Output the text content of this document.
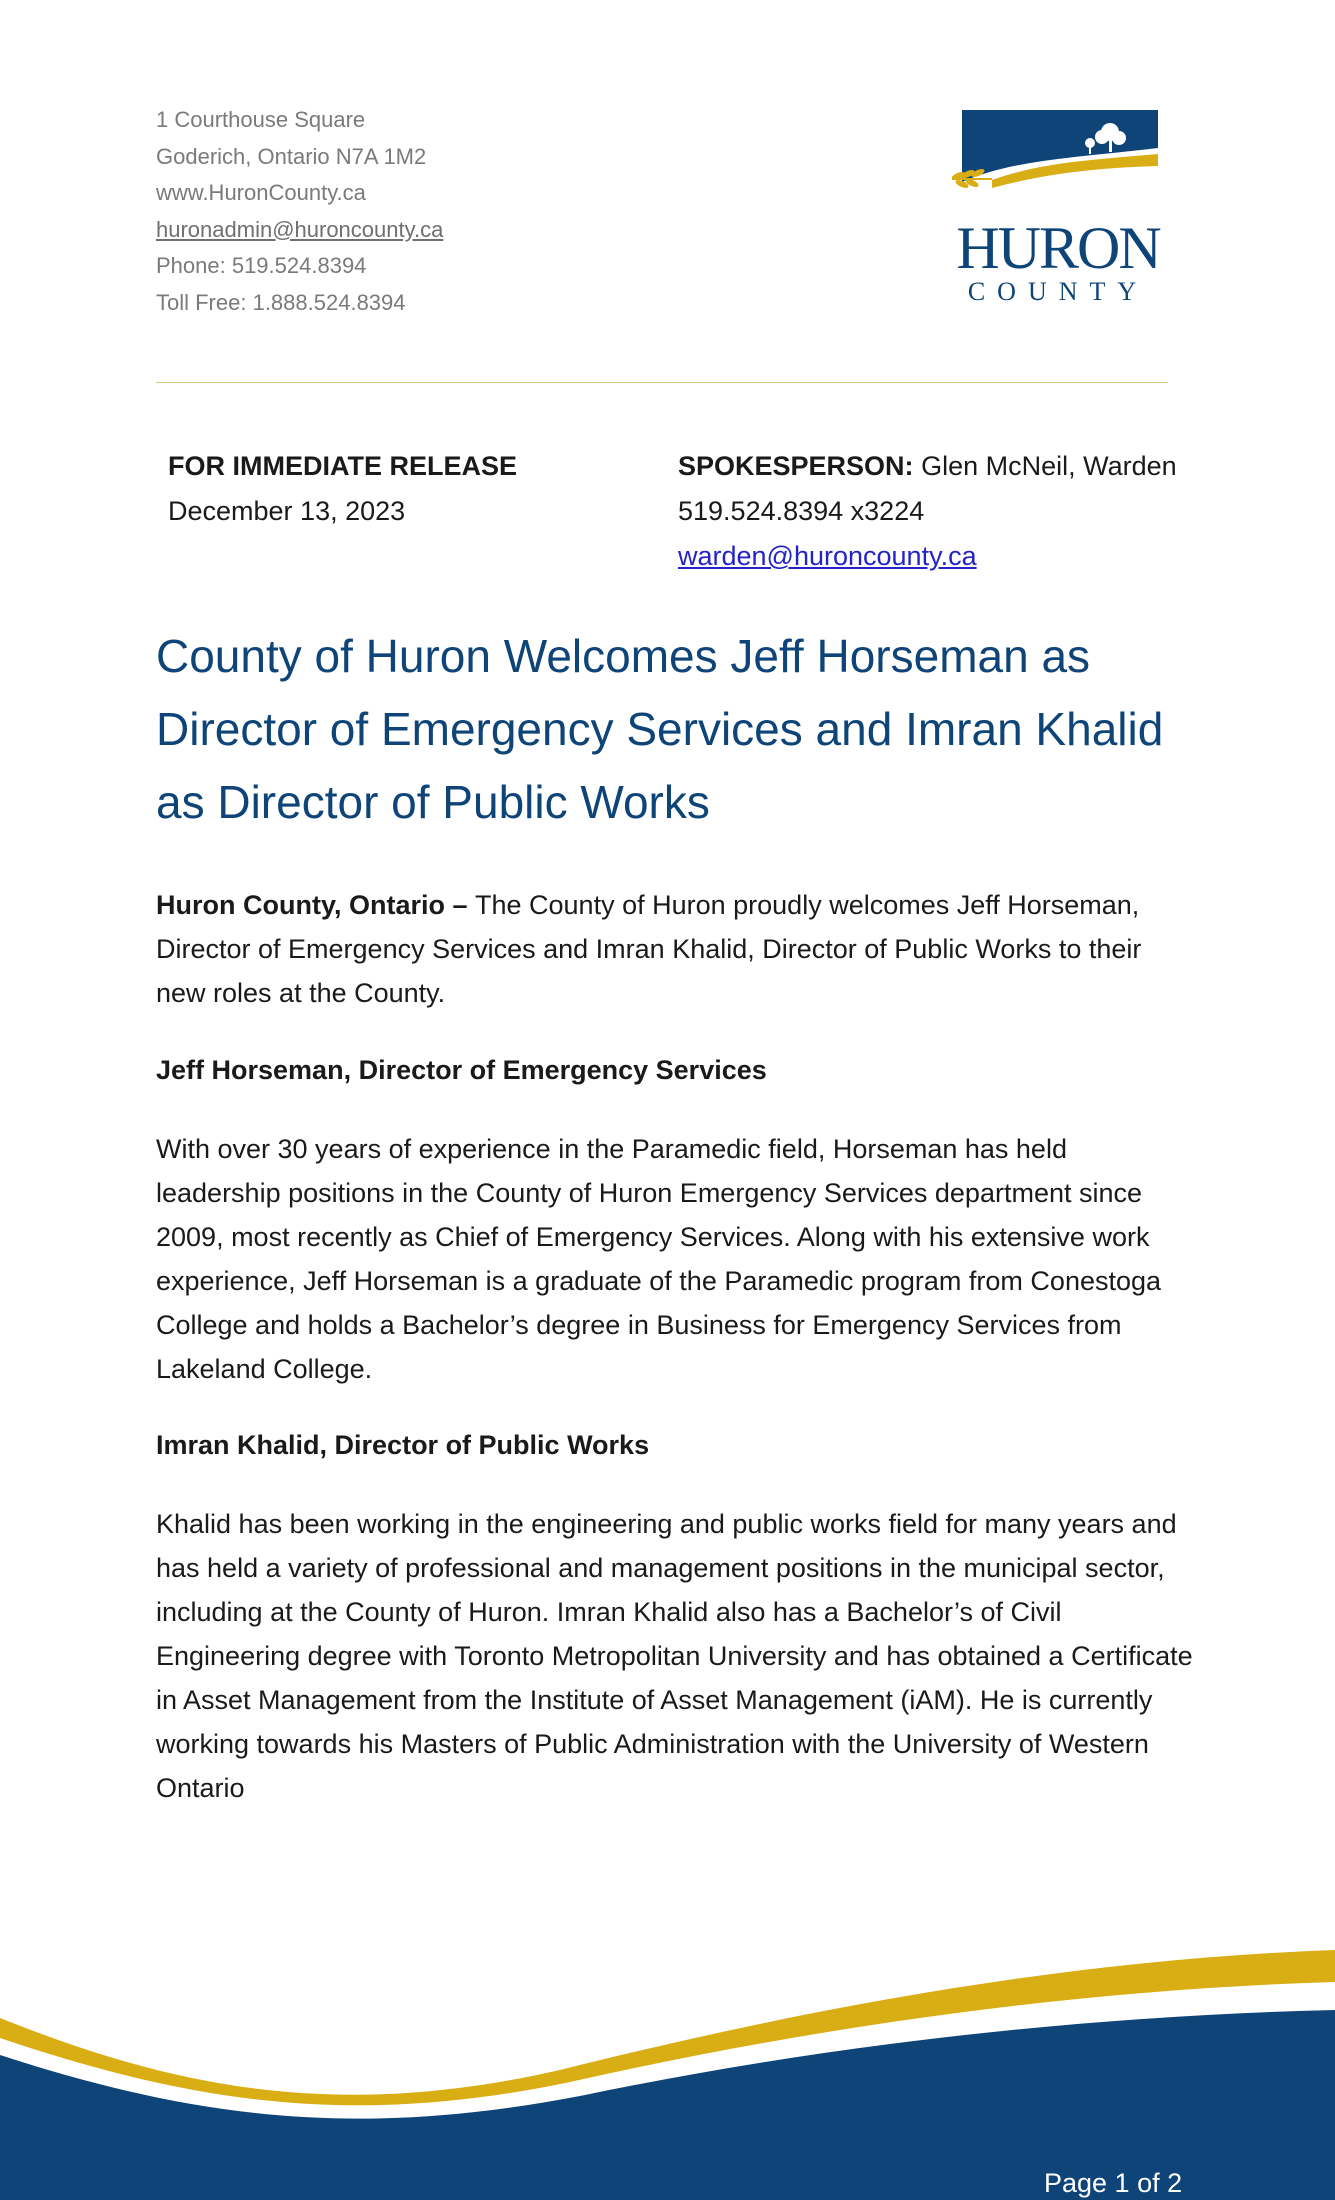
1 Courthouse Square
Goderich, Ontario N7A 1M2
www.HuronCounty.ca
huronadmin@huroncounty.ca
Phone: 519.524.8394
Toll Free: 1.888.524.8394
HURON
COUNTY
FOR IMMEDIATE RELEASE
December 13, 2023
SPOKESPERSON: Glen McNeil, Warden
519.524.8394 x3224
warden@huroncounty.ca
County of Huron Welcomes Jeff Horseman as Director of Emergency Services and Imran Khalid as Director of Public Works

Huron County, Ontario – The County of Huron proudly welcomes Jeff Horseman, Director of Emergency Services and Imran Khalid, Director of Public Works to their new roles at the County.

Jeff Horseman, Director of Emergency Services
With over 30 years of experience in the Paramedic field, Horseman has held leadership positions in the County of Huron Emergency Services department since 2009, most recently as Chief of Emergency Services. Along with his extensive work experience, Jeff Horseman is a graduate of the Paramedic program from Conestoga College and holds a Bachelor’s degree in Business for Emergency Services from Lakeland College.
Imran Khalid, Director of Public Works
Khalid has been working in the engineering and public works field for many years and has held a variety of professional and management positions in the municipal sector, including at the County of Huron. Imran Khalid also has a Bachelor’s of Civil Engineering degree with Toronto Metropolitan University and has obtained a Certificate in Asset Management from the Institute of Asset Management (iAM). He is currently working towards his Masters of Public Administration with the University of Western Ontario
Page 1 of 2
